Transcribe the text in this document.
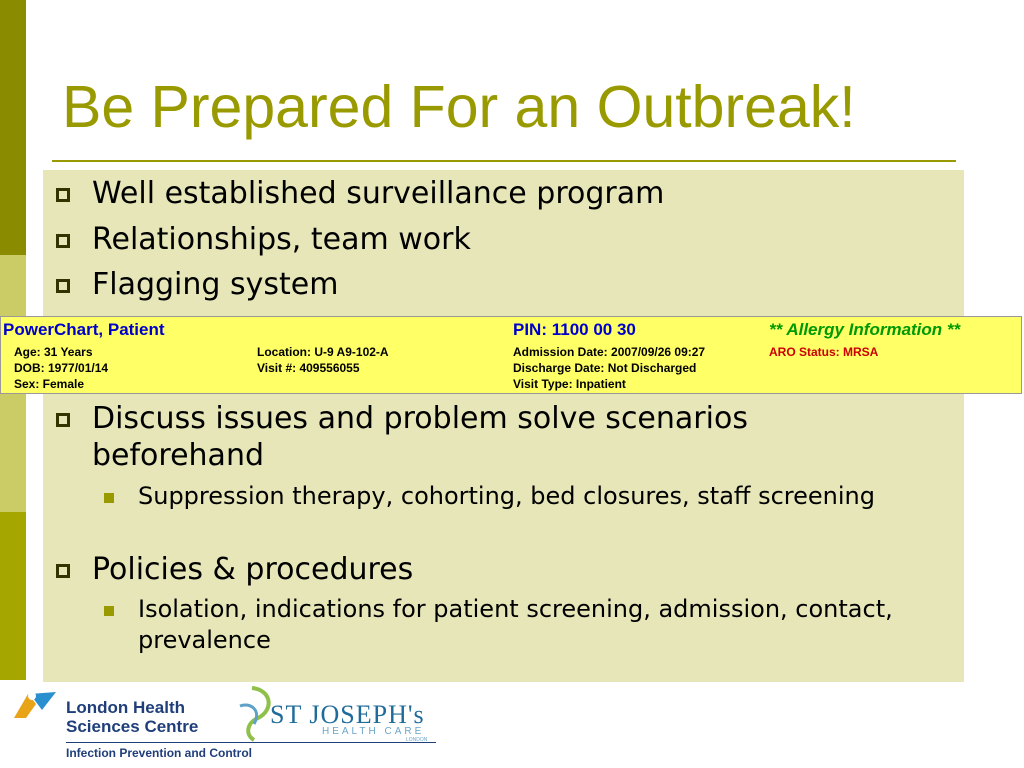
Be Prepared For an Outbreak!
Well established surveillance program
Relationships, team work
Flagging system
PowerChart, Patient
Age: 31 Years
DOB: 1977/01/14
Sex: Female
Location: U-9 A9-102-A
Visit #: 409556055
PIN: 1100 00 30
Admission Date: 2007/09/26 09:27
Discharge Date: Not Discharged
Visit Type: Inpatient
** Allergy Information **
ARO Status: MRSA
Discuss issues and problem solve scenarios beforehand
Suppression therapy, cohorting, bed closures, staff screening
Policies & procedures
Isolation, indications for patient screening, admission, contact, prevalence
London Health
Sciences Centre
Infection Prevention and Control
ST JOSEPH's
HEALTH CARE
LONDON
